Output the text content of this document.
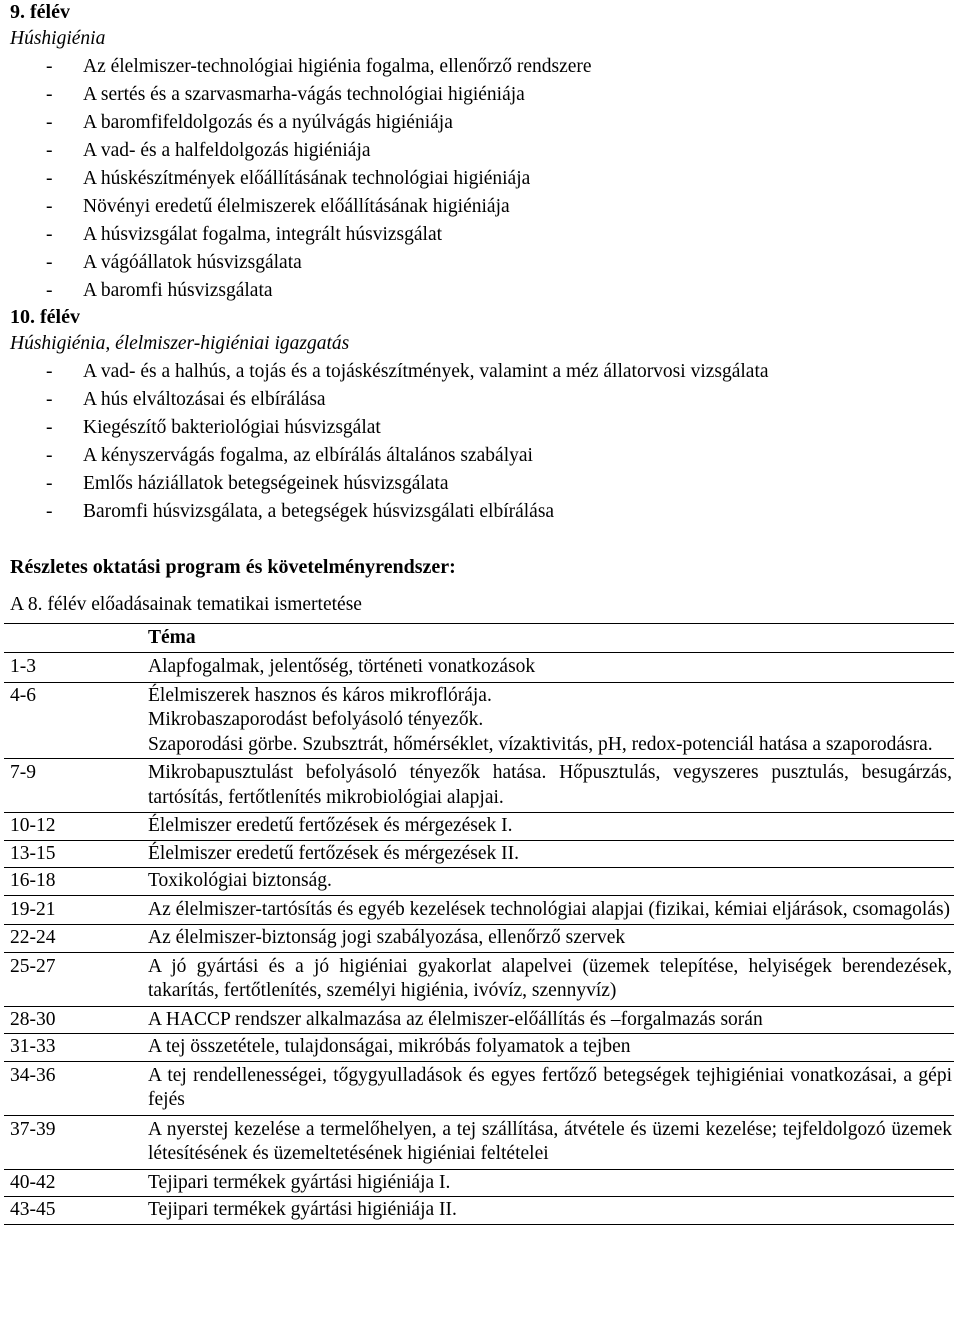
9. félév
Húshigiénia
- Az élelmiszer-technológiai higiénia fogalma, ellenőrző rendszere
- A sertés és a szarvasmarha-vágás technológiai higiéniája
- A baromfifeldolgozás és a nyúlvágás higiéniája
- A vad- és a halfeldolgozás higiéniája
- A húskészítmények előállításának technológiai higiéniája
- Növényi eredetű élelmiszerek előállításának higiéniája
- A húsvizsgálat fogalma, integrált húsvizsgálat
- A vágóállatok húsvizsgálata
- A baromfi húsvizsgálata
10. félév
Húshigiénia, élelmiszer-higiéniai igazgatás
- A vad- és a halhús, a tojás és a tojáskészítmények, valamint a méz állatorvosi vizsgálata
- A hús elváltozásai és elbírálása
- Kiegészítő bakteriológiai húsvizsgálat
- A kényszervágás fogalma, az elbírálás általános szabályai
- Emlős háziállatok betegségeinek húsvizsgálata
- Baromfi húsvizsgálata, a betegségek húsvizsgálati elbírálása
Részletes oktatási program és követelményrendszer:
A 8. félév előadásainak tematikai ismertetése
	Téma
1-3	Alapfogalmak, jelentőség, történeti vonatkozások
4-6	Élelmiszerek hasznos és káros mikroflórája.
Mikrobaszaporodást befolyásoló tényezők.
Szaporodási görbe. Szubsztrát, hőmérséklet, vízaktivitás, pH, redox-potenciál hatása a szaporodásra.

7-9	Mikrobapusztulást befolyásoló tényezők hatása. Hőpusztulás, vegyszeres pusztulás, besugárzás, tartósítás, fertőtlenítés mikrobiológiai alapjai.
10-12	Élelmiszer eredetű fertőzések és mérgezések I.
13-15	Élelmiszer eredetű fertőzések és mérgezések II.
16-18	Toxikológiai biztonság.
19-21	Az élelmiszer-tartósítás és egyéb kezelések technológiai alapjai (fizikai, kémiai eljárások, csomagolás)
22-24	Az élelmiszer-biztonság jogi szabályozása, ellenőrző szervek
25-27	A jó gyártási és a jó higiéniai gyakorlat alapelvei (üzemek telepítése, helyiségek berendezések, takarítás, fertőtlenítés, személyi higiénia, ivóvíz, szennyvíz)
28-30	A HACCP rendszer alkalmazása az élelmiszer-előállítás és –forgalmazás során
31-33	A tej összetétele, tulajdonságai, mikróbás folyamatok a tejben
34-36	A tej rendellenességei, tőgygyulladások és egyes fertőző betegségek tejhigiéniai vonatkozásai, a gépi fejés
37-39	A nyerstej kezelése a termelőhelyen, a tej szállítása, átvétele és üzemi kezelése; tejfeldolgozó üzemek létesítésének és üzemeltetésének higiéniai feltételei
40-42	Tejipari termékek gyártási higiéniája I.
43-45	Tejipari termékek gyártási higiéniája II.
